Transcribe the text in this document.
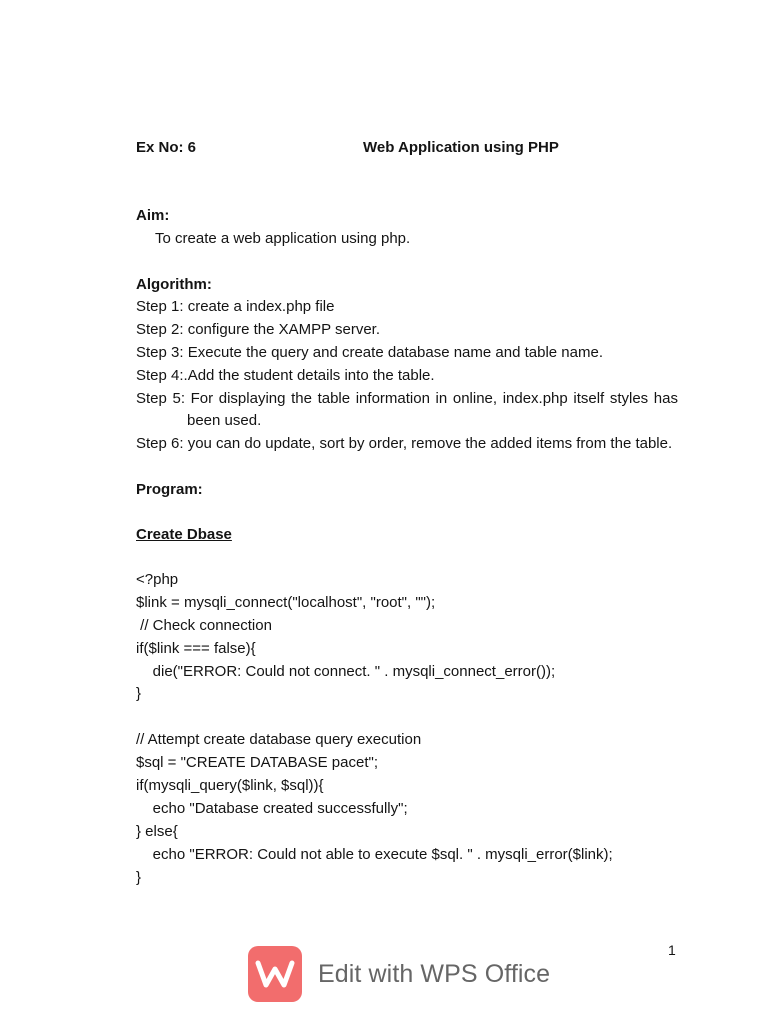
Ex No: 6	Web Application using PHP
Aim:
To create a web application using php.
Algorithm:
Step 1: create a index.php file
Step 2: configure the XAMPP server.
Step 3: Execute the query and create database name and table name.
Step 4:.Add the student details into the table.
Step 5: For displaying the table information in online, index.php itself styles has
been used.
Step 6: you can do update, sort by order, remove the added items from the table.
Program:
Create Dbase
<?php
$link = mysqli_connect("localhost", "root", "");
// Check connection
if($link === false){
die("ERROR: Could not connect. " . mysqli_connect_error());
}
// Attempt create database query execution
$sql = "CREATE DATABASE pacet";
if(mysqli_query($link, $sql)){
echo "Database created successfully";
} else{
echo "ERROR: Could not able to execute $sql. " . mysqli_error($link);
}
1
Edit with WPS Office
